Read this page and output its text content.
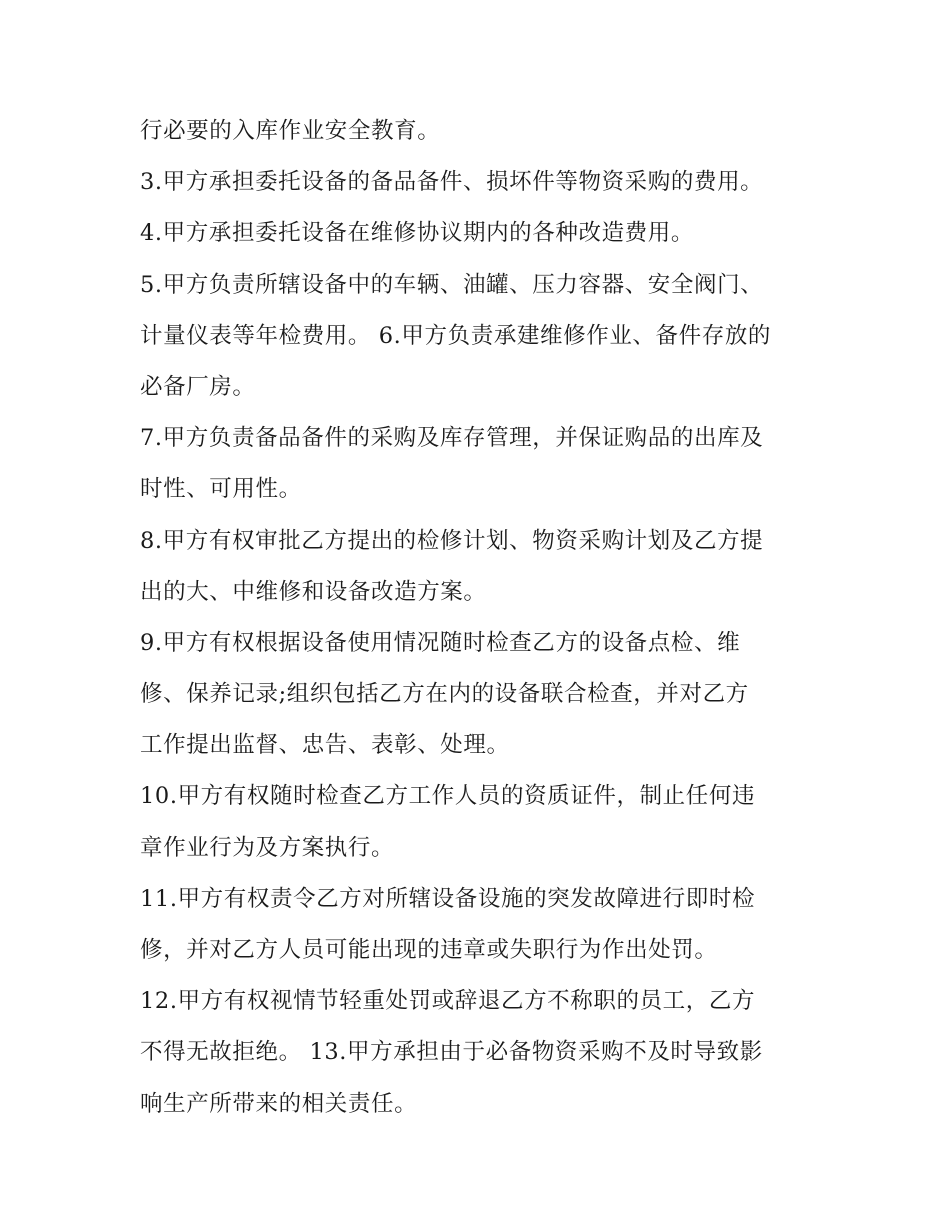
行必要的入库作业安全教育。
3.甲方承担委托设备的备品备件、损坏件等物资采购的费用。
4.甲方承担委托设备在维修协议期内的各种改造费用。
5.甲方负责所辖设备中的车辆、油罐、压力容器、安全阀门、
计量仪表等年检费用。 6.甲方负责承建维修作业、备件存放的
必备厂房。
7.甲方负责备品备件的采购及库存管理，并保证购品的出库及
时性、可用性。
8.甲方有权审批乙方提出的检修计划、物资采购计划及乙方提
出的大、中维修和设备改造方案。
9.甲方有权根据设备使用情况随时检查乙方的设备点检、维
修、保养记录;组织包括乙方在内的设备联合检查，并对乙方
工作提出监督、忠告、表彰、处理。
10.甲方有权随时检查乙方工作人员的资质证件，制止任何违
章作业行为及方案执行。
11.甲方有权责令乙方对所辖设备设施的突发故障进行即时检
修，并对乙方人员可能出现的违章或失职行为作出处罚。
12.甲方有权视情节轻重处罚或辞退乙方不称职的员工，乙方
不得无故拒绝。 13.甲方承担由于必备物资采购不及时导致影
响生产所带来的相关责任。
